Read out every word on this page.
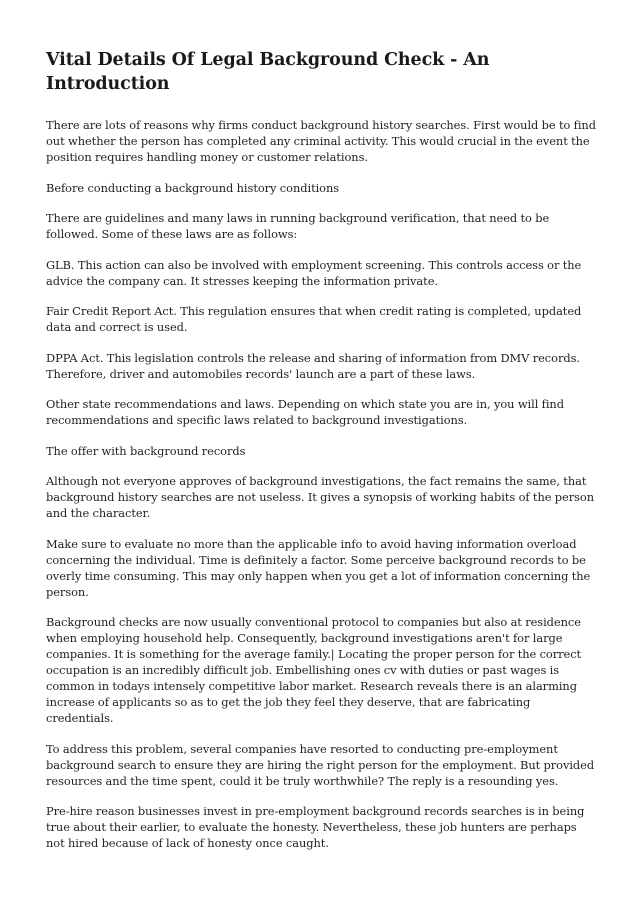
Vital Details Of Legal Background Check - An Introduction

There are lots of reasons why firms conduct background history searches. First would be to find out whether the person has completed any criminal activity. This would crucial in the event the position requires handling money or customer relations.

Before conducting a background history conditions

There are guidelines and many laws in running background verification, that need to be followed. Some of these laws are as follows:

GLB. This action can also be involved with employment screening. This controls access or the advice the company can. It stresses keeping the information private.

Fair Credit Report Act. This regulation ensures that when credit rating is completed, updated data and correct is used.

DPPA Act. This legislation controls the release and sharing of information from DMV records. Therefore, driver and automobiles records' launch are a part of these laws.

Other state recommendations and laws. Depending on which state you are in, you will find recommendations and specific laws related to background investigations.

The offer with background records

Although not everyone approves of background investigations, the fact remains the same, that background history searches are not useless. It gives a synopsis of working habits of the person and the character.

Make sure to evaluate no more than the applicable info to avoid having information overload concerning the individual. Time is definitely a factor. Some perceive background records to be overly time consuming. This may only happen when you get a lot of information concerning the person.

Background checks are now usually conventional protocol to companies but also at residence when employing household help. Consequently, background investigations aren't for large companies. It is something for the average family.| Locating the proper person for the correct occupation is an incredibly difficult job. Embellishing ones cv with duties or past wages is common in todays intensely competitive labor market. Research reveals there is an alarming increase of applicants so as to get the job they feel they deserve, that are fabricating credentials.

To address this problem, several companies have resorted to conducting pre-employment background search to ensure they are hiring the right person for the employment. But provided resources and the time spent, could it be truly worthwhile? The reply is a resounding yes.

Pre-hire reason businesses invest in pre-employment background records searches is in being true about their earlier, to evaluate the honesty. Nevertheless, these job hunters are perhaps not hired because of lack of honesty once caught.
